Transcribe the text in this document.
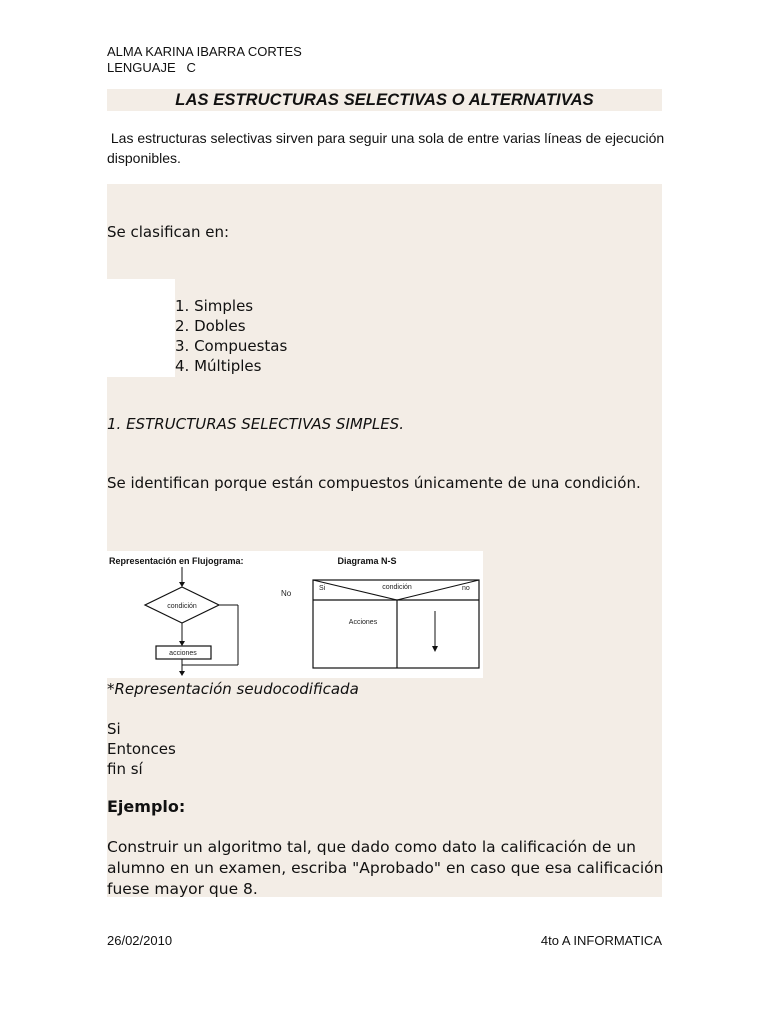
ALMA KARINA IBARRA CORTES
LENGUAJE   C
LAS ESTRUCTURAS SELECTIVAS O ALTERNATIVAS
Las estructuras selectivas sirven para seguir una sola de entre varias líneas de ejecución disponibles.
Se clasifican en:
1. Simples
2. Dobles
3. Compuestas
4. Múltiples
1. ESTRUCTURAS SELECTIVAS SIMPLES.
Se identifican porque están compuestos únicamente de una condición.
Representación en Flujograma:
condición
acciones
Diagrama N-S
No
Si	condición	no
Acciones
*Representación seudocodificada
Si
Entonces
fin sí
Ejemplo:
Construir un algoritmo tal, que dado como dato la calificación de un alumno en un examen, escriba "Aprobado" en caso que esa calificación fuese mayor que 8.
26/02/2010	4to A INFORMATICA
